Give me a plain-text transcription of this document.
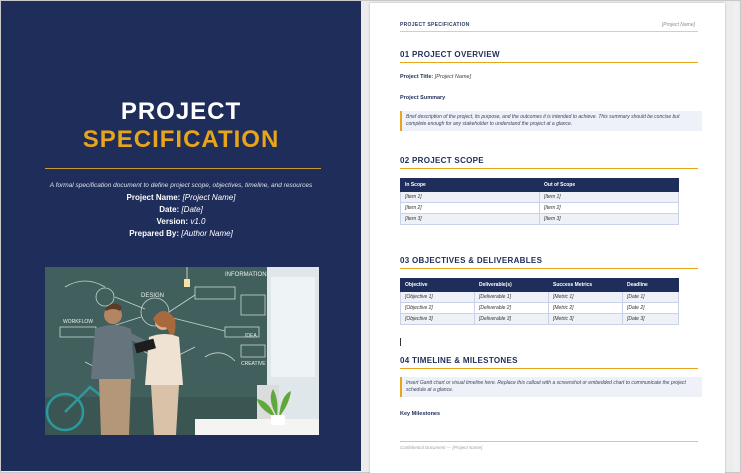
PROJECT
SPECIFICATION
A formal specification document to define project scope, objectives, timeline, and resources
Project Name: [Project Name]
Date: [Date]
Version: v1.0
Prepared By: [Author Name]
INFORMATION
DESIGN
CREATIVE
IDEA
WORKFLOW
PROJECT SPECIFICATION	[Project Name]
01 PROJECT OVERVIEW
Project Title: [Project Name]
Project Summary
Brief description of the project, its purpose, and the outcomes it is intended to achieve. This summary should be concise but complete enough for any stakeholder to understand the project at a glance.
02 PROJECT SCOPE
In Scope	Out of Scope
[Item 1]	[Item 1]
[Item 2]	[Item 2]
[Item 3]	[Item 3]
03 OBJECTIVES & DELIVERABLES
Objective	Deliverable(s)	Success Metrics	Deadline
[Objective 1]	[Deliverable 1]	[Metric 1]	[Date 1]
[Objective 2]	[Deliverable 2]	[Metric 2]	[Date 2]
[Objective 3]	[Deliverable 3]	[Metric 3]	[Date 3]
04 TIMELINE & MILESTONES
Insert Gantt chart or visual timeline here. Replace this callout with a screenshot or embedded chart to communicate the project schedule at a glance.
Key Milestones
Confidential Document — [Project Name]
